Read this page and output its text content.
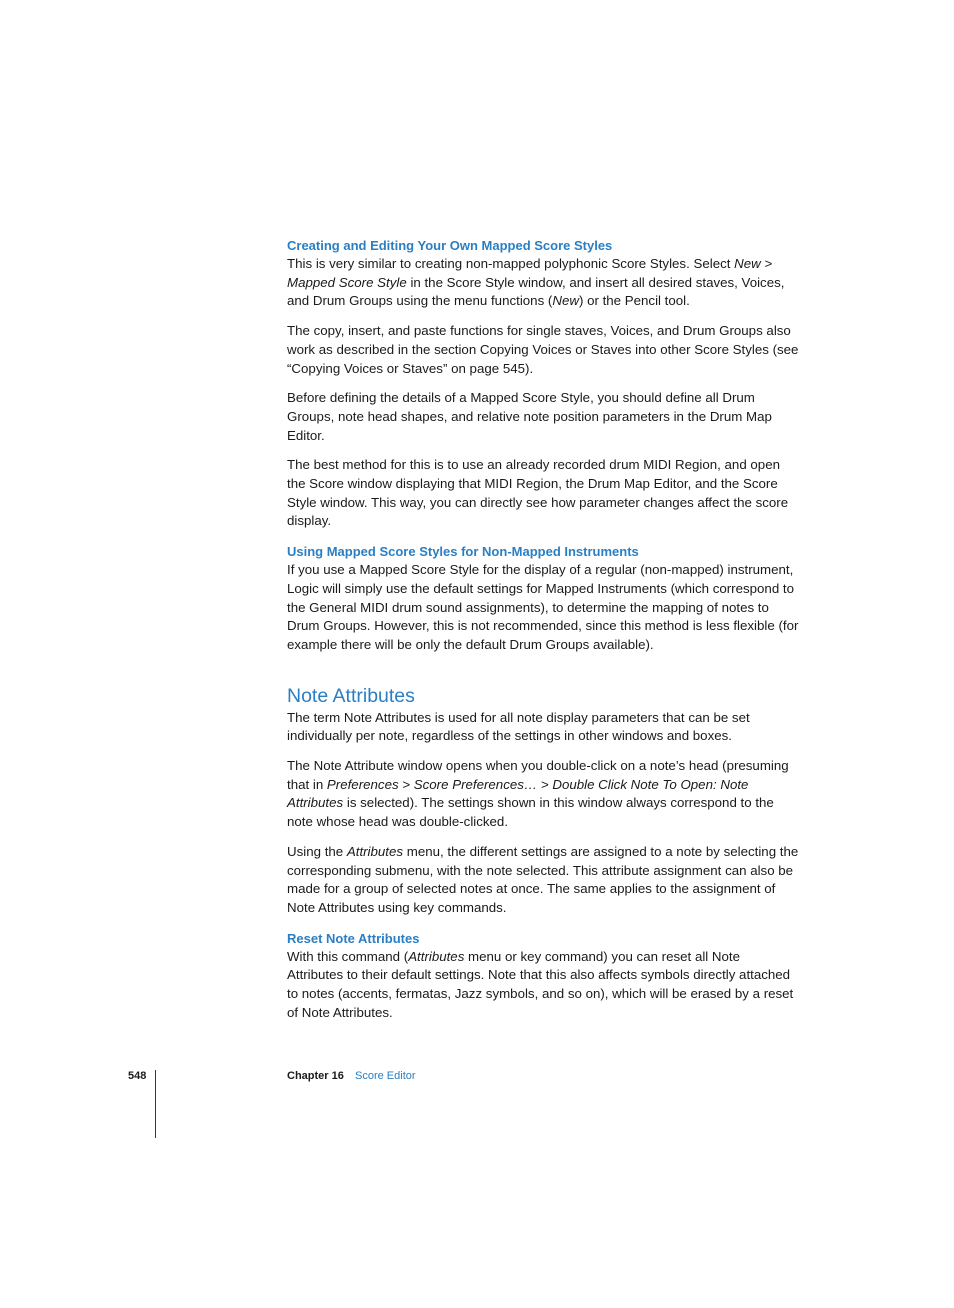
Creating and Editing Your Own Mapped Score Styles

This is very similar to creating non-mapped polyphonic Score Styles. Select New > Mapped Score Style in the Score Style window, and insert all desired staves, Voices, and Drum Groups using the menu functions (New) or the Pencil tool.

The copy, insert, and paste functions for single staves, Voices, and Drum Groups also work as described in the section Copying Voices or Staves into other Score Styles (see “Copying Voices or Staves” on page 545).

Before defining the details of a Mapped Score Style, you should define all Drum Groups, note head shapes, and relative note position parameters in the Drum Map Editor.

The best method for this is to use an already recorded drum MIDI Region, and open the Score window displaying that MIDI Region, the Drum Map Editor, and the Score Style window. This way, you can directly see how parameter changes affect the score display.

Using Mapped Score Styles for Non-Mapped Instruments

If you use a Mapped Score Style for the display of a regular (non-mapped) instrument, Logic will simply use the default settings for Mapped Instruments (which correspond to the General MIDI drum sound assignments), to determine the mapping of notes to Drum Groups. However, this is not recommended, since this method is less flexible (for example there will be only the default Drum Groups available).

Note Attributes

The term Note Attributes is used for all note display parameters that can be set individually per note, regardless of the settings in other windows and boxes.

The Note Attribute window opens when you double-click on a note’s head (presuming that in Preferences > Score Preferences… > Double Click Note To Open: Note Attributes is selected). The settings shown in this window always correspond to the note whose head was double-clicked.

Using the Attributes menu, the different settings are assigned to a note by selecting the corresponding submenu, with the note selected. This attribute assignment can also be made for a group of selected notes at once. The same applies to the assignment of Note Attributes using key commands.

Reset Note Attributes

With this command (Attributes menu or key command) you can reset all Note Attributes to their default settings. Note that this also affects symbols directly attached to notes (accents, fermatas, Jazz symbols, and so on), which will be erased by a reset of Note Attributes.

548	Chapter 16 Score Editor
